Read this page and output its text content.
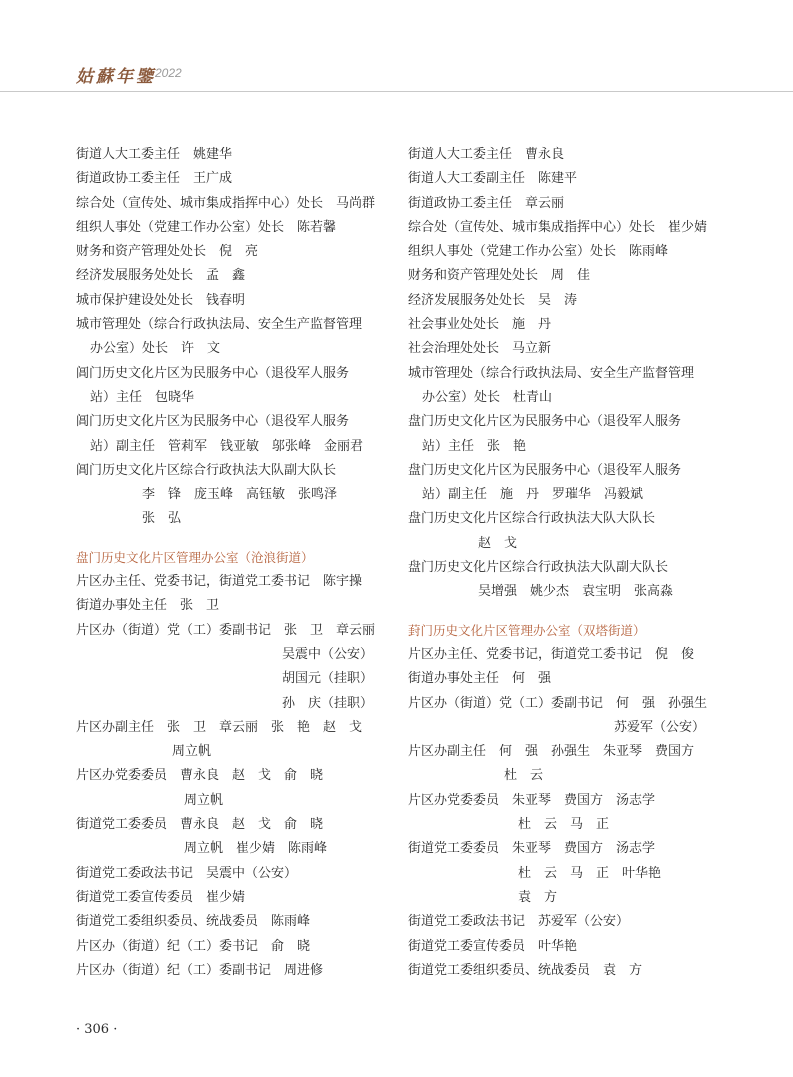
姑蘇年鑒 2022
街道人大工委主任　姚建华
街道政协工委主任　王广成
综合处（宣传处、城市集成指挥中心）处长　马尚群
组织人事处（党建工作办公室）处长　陈若馨
财务和资产管理处处长　倪　亮
经济发展服务处处长　孟　鑫
城市保护建设处处长　钱春明
城市管理处（综合行政执法局、安全生产监督管理
办公室）处长　许　文
阊门历史文化片区为民服务中心（退役军人服务
站）主任　包晓华
阊门历史文化片区为民服务中心（退役军人服务
站）副主任　管莉军　钱亚敏　邬张峰　金丽君
阊门历史文化片区综合行政执法大队副大队长
李　锋　庞玉峰　高钰敏　张鸣泽
张　弘
盘门历史文化片区管理办公室（沧浪街道）
片区办主任、党委书记，街道党工委书记　陈宇操
街道办事处主任　张　卫
片区办（街道）党（工）委副书记　张　卫　章云丽
吴震中（公安）
胡国元（挂职）
孙　庆（挂职）
片区办副主任　张　卫　章云丽　张　艳　赵　戈
周立帆
片区办党委委员　曹永良　赵　戈　俞　晓
周立帆
街道党工委委员　曹永良　赵　戈　俞　晓
周立帆　崔少婧　陈雨峰
街道党工委政法书记　吴震中（公安）
街道党工委宣传委员　崔少婧
街道党工委组织委员、统战委员　陈雨峰
片区办（街道）纪（工）委书记　俞　晓
片区办（街道）纪（工）委副书记　周进修
街道人大工委主任　曹永良
街道人大工委副主任　陈建平
街道政协工委主任　章云丽
综合处（宣传处、城市集成指挥中心）处长　崔少婧
组织人事处（党建工作办公室）处长　陈雨峰
财务和资产管理处处长　周　佳
经济发展服务处处长　吴　涛
社会事业处处长　施　丹
社会治理处处长　马立新
城市管理处（综合行政执法局、安全生产监督管理
办公室）处长　杜青山
盘门历史文化片区为民服务中心（退役军人服务
站）主任　张　艳
盘门历史文化片区为民服务中心（退役军人服务
站）副主任　施　丹　罗璀华　冯毅斌
盘门历史文化片区综合行政执法大队大队长
赵　戈
盘门历史文化片区综合行政执法大队副大队长
吴增强　姚少杰　袁宝明　张高淼
葑门历史文化片区管理办公室（双塔街道）
片区办主任、党委书记，街道党工委书记　倪　俊
街道办事处主任　何　强
片区办（街道）党（工）委副书记　何　强　孙强生
苏爱军（公安）
片区办副主任　何　强　孙强生　朱亚琴　费国方
杜　云
片区办党委委员　朱亚琴　费国方　汤志学
杜　云　马　正
街道党工委委员　朱亚琴　费国方　汤志学
杜　云　马　正　叶华艳
袁　方
街道党工委政法书记　苏爱军（公安）
街道党工委宣传委员　叶华艳
街道党工委组织委员、统战委员　袁　方
· 306 ·
